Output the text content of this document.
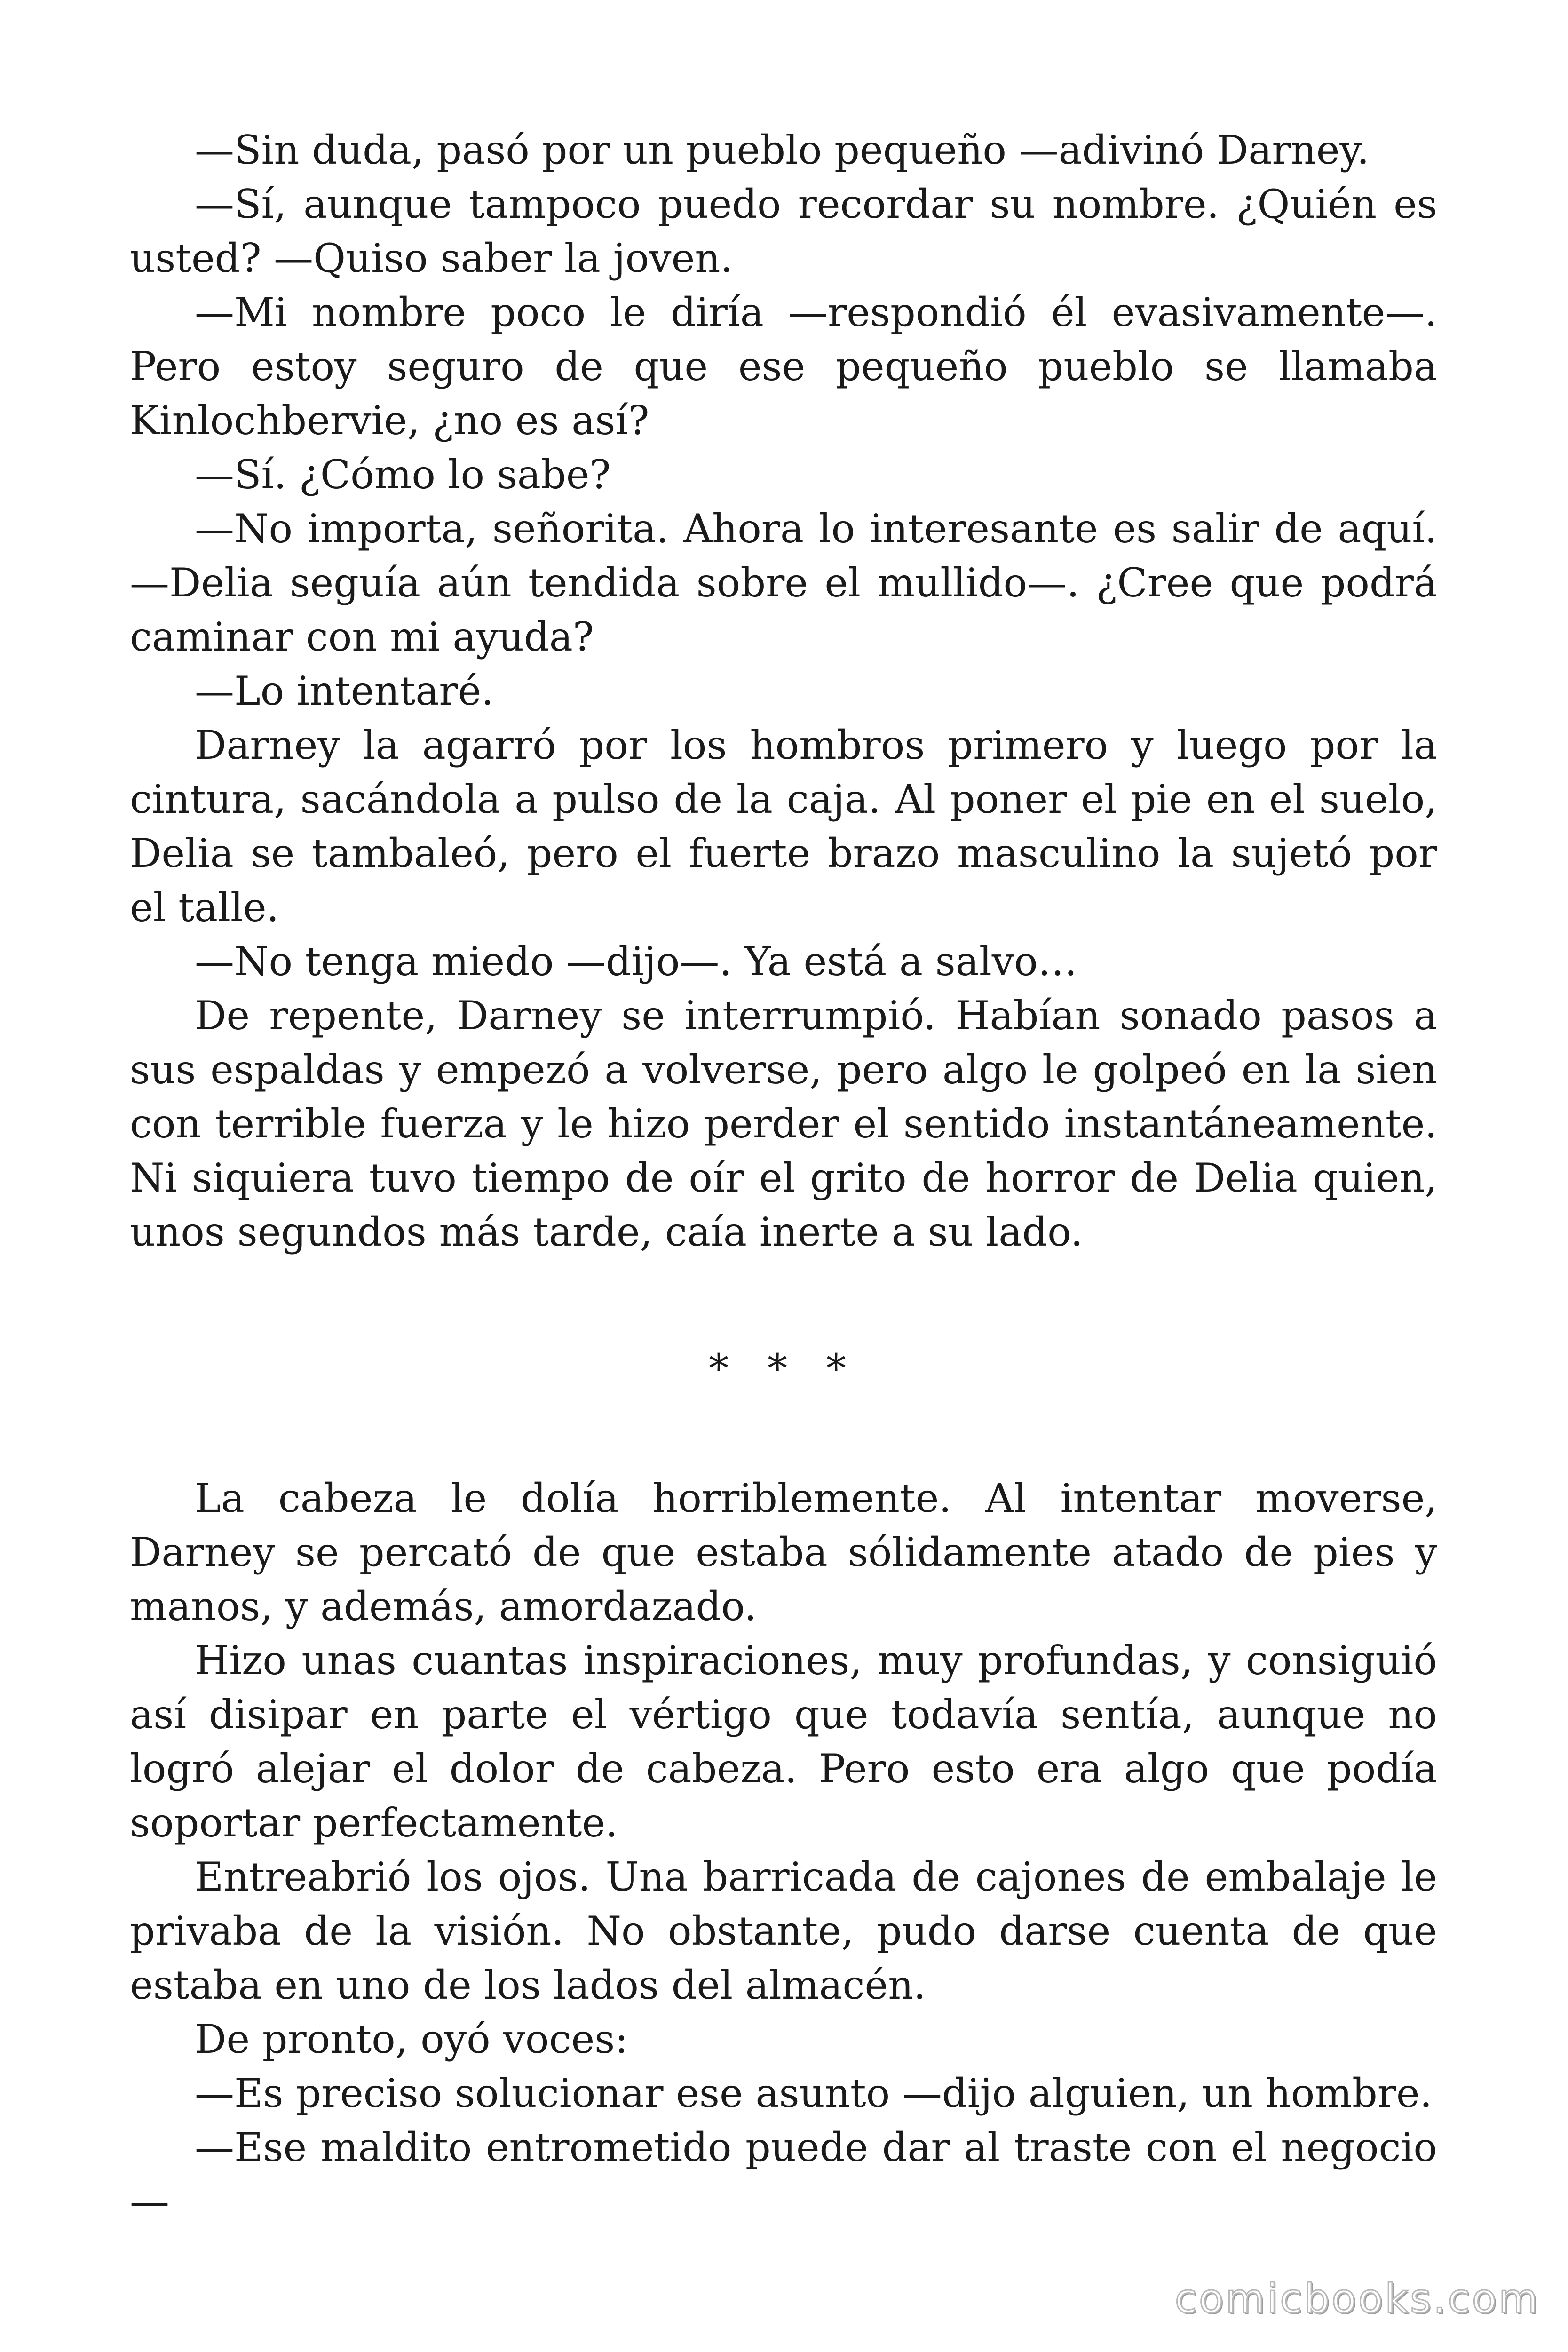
—Sin duda, pasó por un pueblo pequeño —adivinó Darney.

—Sí, aunque tampoco puedo recordar su nombre. ¿Quién es usted? —Quiso saber la joven.

—Mi nombre poco le diría —respondió él evasivamente—. Pero estoy seguro de que ese pequeño pueblo se llamaba Kinlochbervie, ¿no es así?

—Sí. ¿Cómo lo sabe?

—No importa, señorita. Ahora lo interesante es salir de aquí. —Delia seguía aún tendida sobre el mullido—. ¿Cree que podrá caminar con mi ayuda?

—Lo intentaré.

Darney la agarró por los hombros primero y luego por la cintura, sacándola a pulso de la caja. Al poner el pie en el suelo, Delia se tambaleó, pero el fuerte brazo masculino la sujetó por el talle.

—No tenga miedo —dijo—. Ya está a salvo…

De repente, Darney se interrumpió. Habían sonado pasos a sus espaldas y empezó a volverse, pero algo le golpeó en la sien con terrible fuerza y le hizo perder el sentido instantáneamente. Ni siquiera tuvo tiempo de oír el grito de horror de Delia quien, unos segundos más tarde, caía inerte a su lado.

* * *

La cabeza le dolía horriblemente. Al intentar moverse, Darney se percató de que estaba sólidamente atado de pies y manos, y además, amordazado.

Hizo unas cuantas inspiraciones, muy profundas, y consiguió así disipar en parte el vértigo que todavía sentía, aunque no logró alejar el dolor de cabeza. Pero esto era algo que podía soportar perfectamente.

Entreabrió los ojos. Una barricada de cajones de embalaje le privaba de la visión. No obstante, pudo darse cuenta de que estaba en uno de los lados del almacén.

De pronto, oyó voces:

—Es preciso solucionar ese asunto —dijo alguien, un hombre.

—Ese maldito entrometido puede dar al traste con el negocio —

comicbooks.com
